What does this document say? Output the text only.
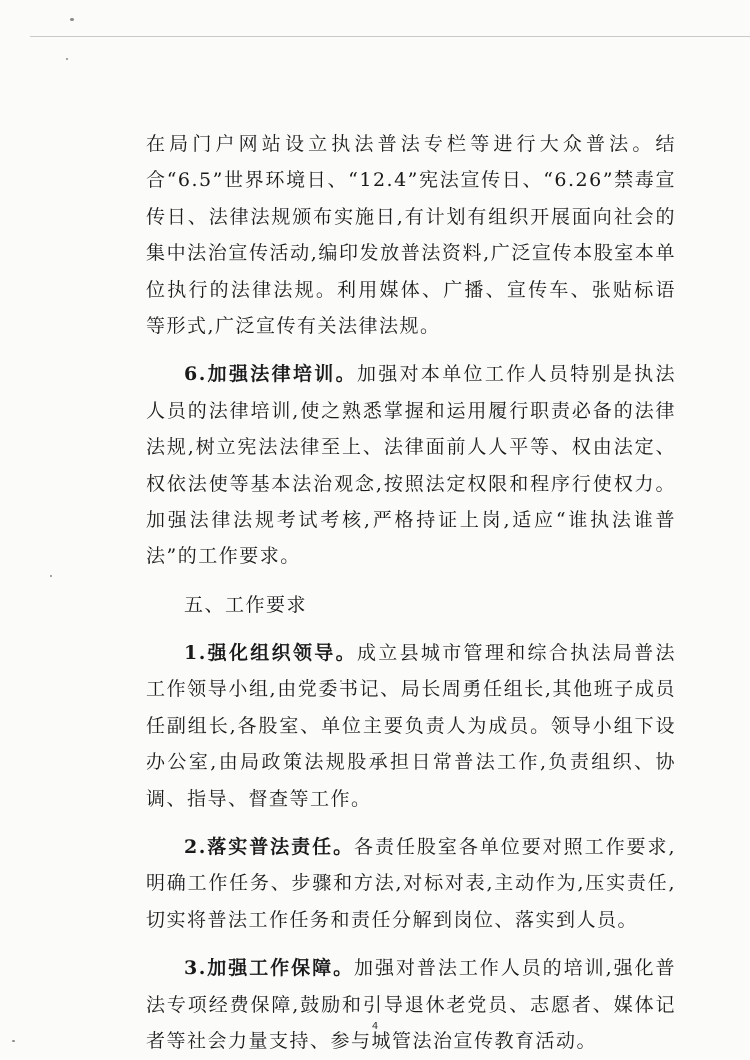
在局门户网站设立执法普法专栏等进行大众普法。结合“6.5”世界环境日、“12.4”宪法宣传日、“6.26”禁毒宣传日、法律法规颁布实施日,有计划有组织开展面向社会的集中法治宣传活动,编印发放普法资料,广泛宣传本股室本单位执行的法律法规。利用媒体、广播、宣传车、张贴标语等形式,广泛宣传有关法律法规。

6.加强法律培训。加强对本单位工作人员特别是执法人员的法律培训,使之熟悉掌握和运用履行职责必备的法律法规,树立宪法法律至上、法律面前人人平等、权由法定、权依法使等基本法治观念,按照法定权限和程序行使权力。加强法律法规考试考核,严格持证上岗,适应“谁执法谁普法”的工作要求。

五、工作要求

1.强化组织领导。成立县城市管理和综合执法局普法工作领导小组,由党委书记、局长周勇任组长,其他班子成员任副组长,各股室、单位主要负责人为成员。领导小组下设办公室,由局政策法规股承担日常普法工作,负责组织、协调、指导、督查等工作。

2.落实普法责任。各责任股室各单位要对照工作要求,明确工作任务、步骤和方法,对标对表,主动作为,压实责任,切实将普法工作任务和责任分解到岗位、落实到人员。

3.加强工作保障。加强对普法工作人员的培训,强化普法专项经费保障,鼓励和引导退休老党员、志愿者、媒体记者等社会力量支持、参与城管法治宣传教育活动。

4
